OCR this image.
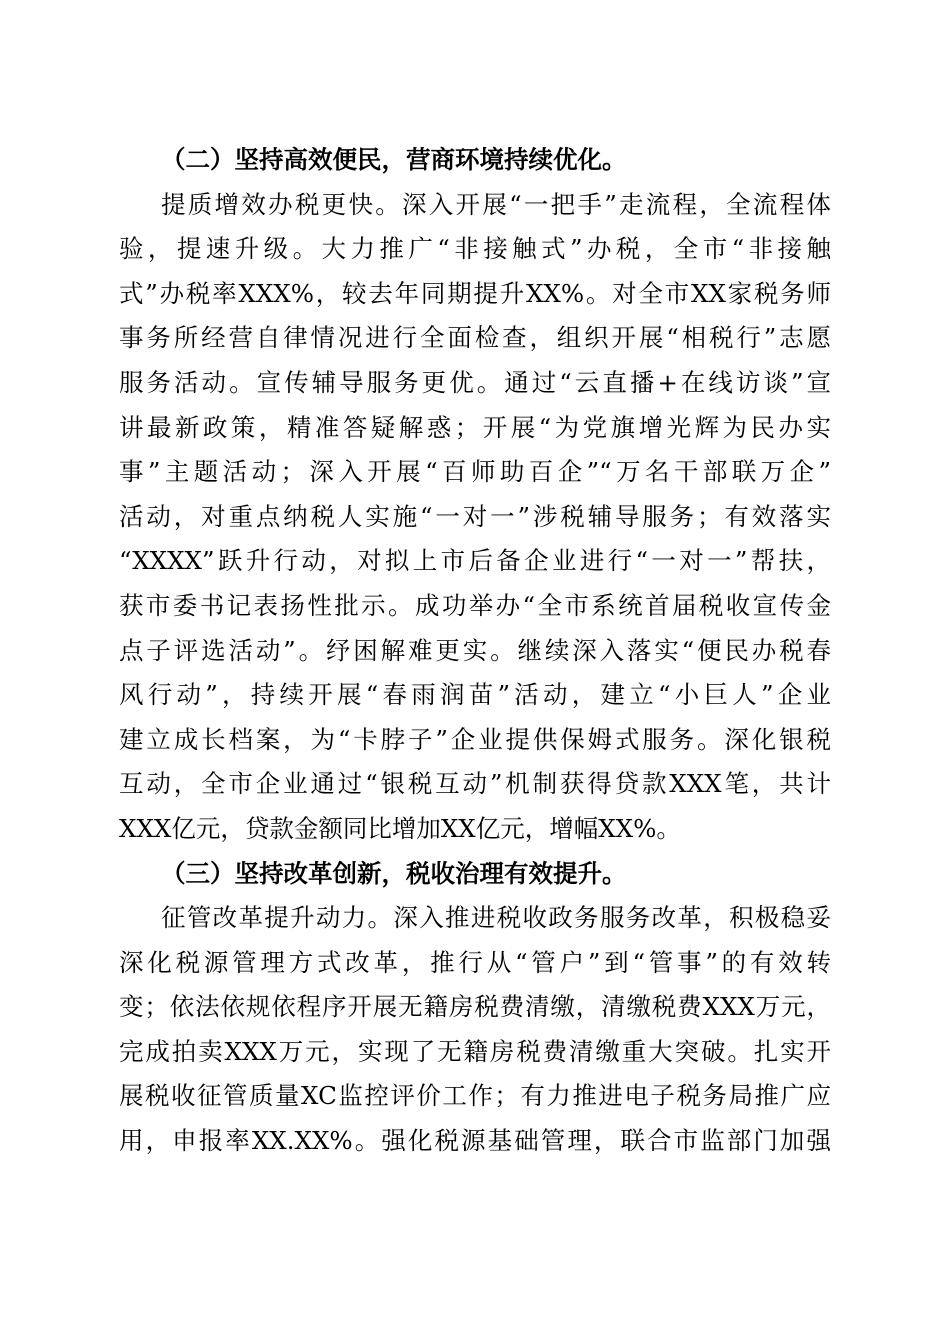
（二）坚持高效便民，营商环境持续优化。
提质增效办税更快。深入开展“一把手”走流程，全流程体
验，提速升级。大力推广“非接触式”办税，全市“非接触
式”办税率XXX%，较去年同期提升XX%。对全市XX家税务师
事务所经营自律情况进行全面检查，组织开展“相税行”志愿
服务活动。宣传辅导服务更优。通过“云直播+在线访谈”宣
讲最新政策，精准答疑解惑；开展“为党旗增光辉为民办实
事”主题活动；深入开展“百师助百企”“万名干部联万企”
活动，对重点纳税人实施“一对一”涉税辅导服务；有效落实
“XXXX”跃升行动，对拟上市后备企业进行“一对一”帮扶，
获市委书记表扬性批示。成功举办“全市系统首届税收宣传金
点子评选活动”。纾困解难更实。继续深入落实“便民办税春
风行动”，持续开展“春雨润苗”活动，建立“小巨人”企业
建立成长档案，为“卡脖子”企业提供保姆式服务。深化银税
互动，全市企业通过“银税互动”机制获得贷款XXX笔，共计
XXX亿元，贷款金额同比增加XX亿元，增幅XX%。
（三）坚持改革创新，税收治理有效提升。
征管改革提升动力。深入推进税收政务服务改革，积极稳妥
深化税源管理方式改革，推行从“管户”到“管事”的有效转
变；依法依规依程序开展无籍房税费清缴，清缴税费XXX万元，
完成拍卖XXX万元，实现了无籍房税费清缴重大突破。扎实开
展税收征管质量XC监控评价工作；有力推进电子税务局推广应
用，申报率XX.XX%。强化税源基础管理，联合市监部门加强
